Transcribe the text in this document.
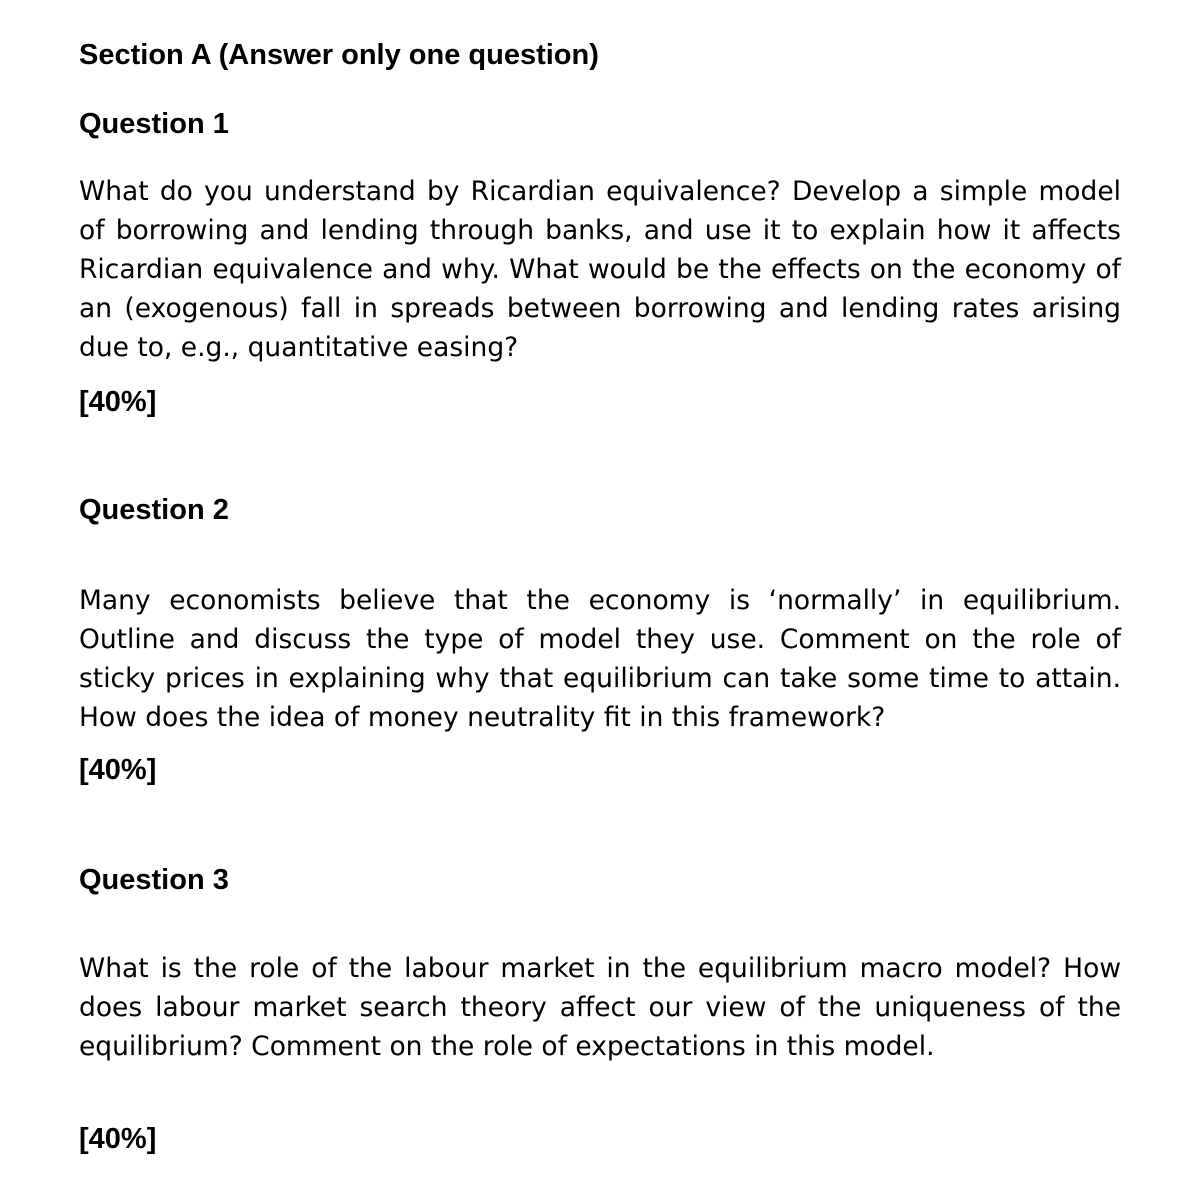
Section A (Answer only one question)
Question 1

What do you understand by Ricardian equivalence? Develop a simple model of borrowing and lending through banks, and use it to explain how it affects Ricardian equivalence and why. What would be the effects on the economy of an (exogenous) fall in spreads between borrowing and lending rates arising due to, e.g., quantitative easing?

[40%]
Question 2

Many economists believe that the economy is ‘normally’ in equilibrium. Outline and discuss the type of model they use. Comment on the role of sticky prices in explaining why that equilibrium can take some time to attain. How does the idea of money neutrality fit in this framework?

[40%]
Question 3

What is the role of the labour market in the equilibrium macro model? How does labour market search theory affect our view of the uniqueness of the equilibrium? Comment on the role of expectations in this model.

[40%]
